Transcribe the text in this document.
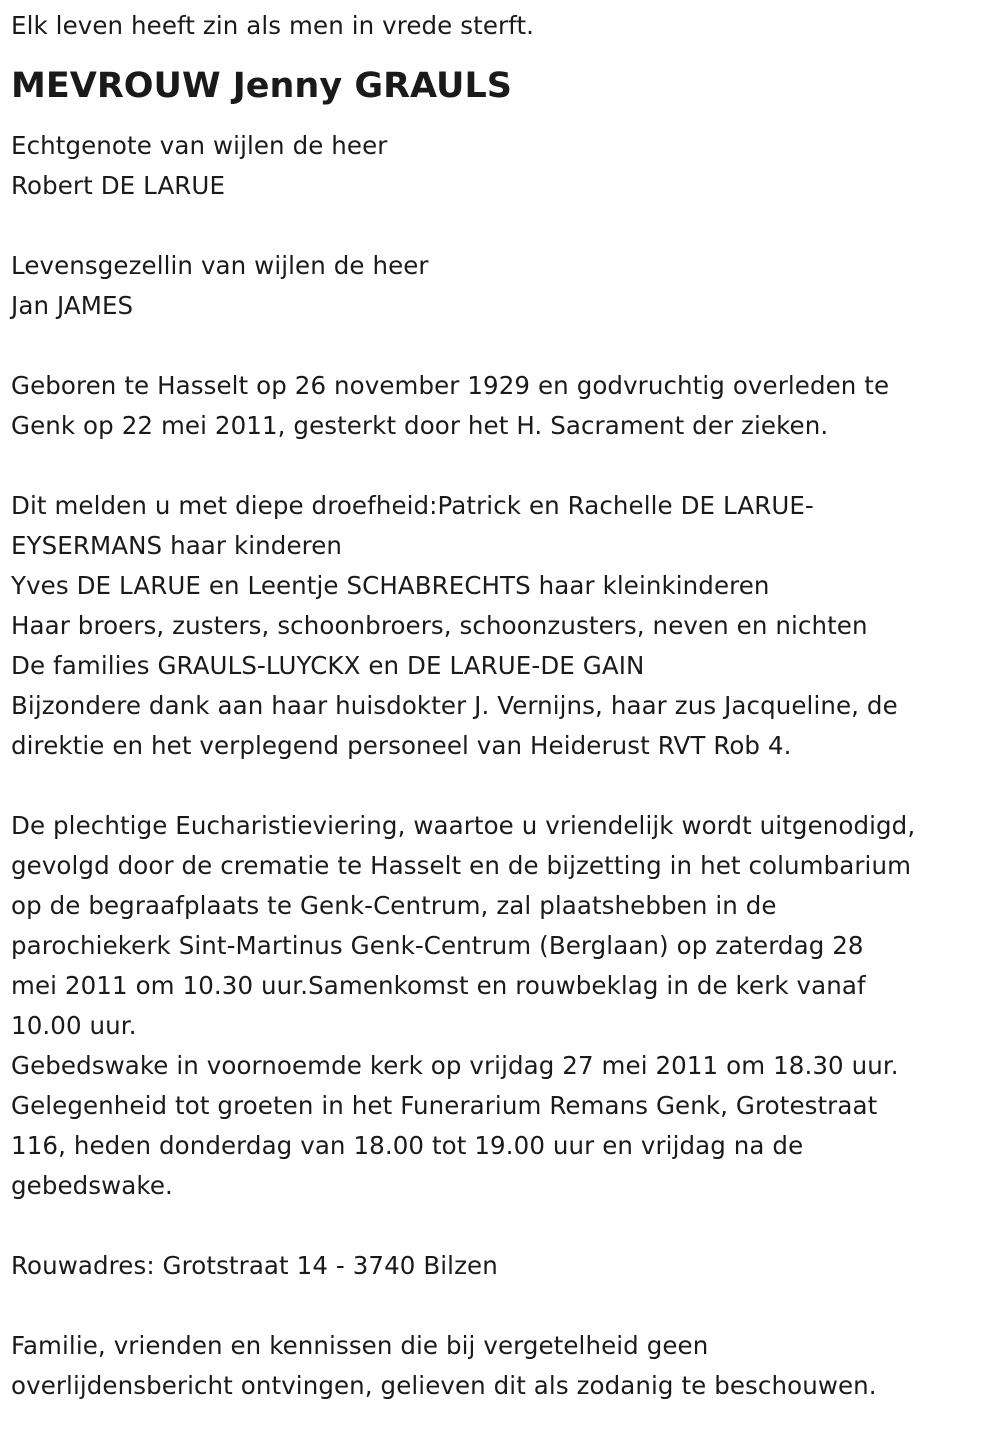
Elk leven heeft zin als men in vrede sterft.
MEVROUW Jenny GRAULS
Echtgenote van wijlen de heer
Robert DE LARUE
Levensgezellin van wijlen de heer
Jan JAMES
Geboren te Hasselt op 26 november 1929 en godvruchtig overleden te
Genk op 22 mei 2011, gesterkt door het H. Sacrament der zieken.
Dit melden u met diepe droefheid:Patrick en Rachelle DE LARUE-
EYSERMANS haar kinderen
Yves DE LARUE en Leentje SCHABRECHTS haar kleinkinderen
Haar broers, zusters, schoonbroers, schoonzusters, neven en nichten
De families GRAULS-LUYCKX en DE LARUE-DE GAIN
Bijzondere dank aan haar huisdokter J. Vernijns, haar zus Jacqueline, de
direktie en het verplegend personeel van Heiderust RVT Rob 4.
De plechtige Eucharistieviering, waartoe u vriendelijk wordt uitgenodigd,
gevolgd door de crematie te Hasselt en de bijzetting in het columbarium
op de begraafplaats te Genk-Centrum, zal plaatshebben in de
parochiekerk Sint-Martinus Genk-Centrum (Berglaan) op zaterdag 28
mei 2011 om 10.30 uur.Samenkomst en rouwbeklag in de kerk vanaf
10.00 uur.
Gebedswake in voornoemde kerk op vrijdag 27 mei 2011 om 18.30 uur.
Gelegenheid tot groeten in het Funerarium Remans Genk, Grotestraat
116, heden donderdag van 18.00 tot 19.00 uur en vrijdag na de
gebedswake.
Rouwadres: Grotstraat 14 - 3740 Bilzen
Familie, vrienden en kennissen die bij vergetelheid geen
overlijdensbericht ontvingen, gelieven dit als zodanig te beschouwen.
